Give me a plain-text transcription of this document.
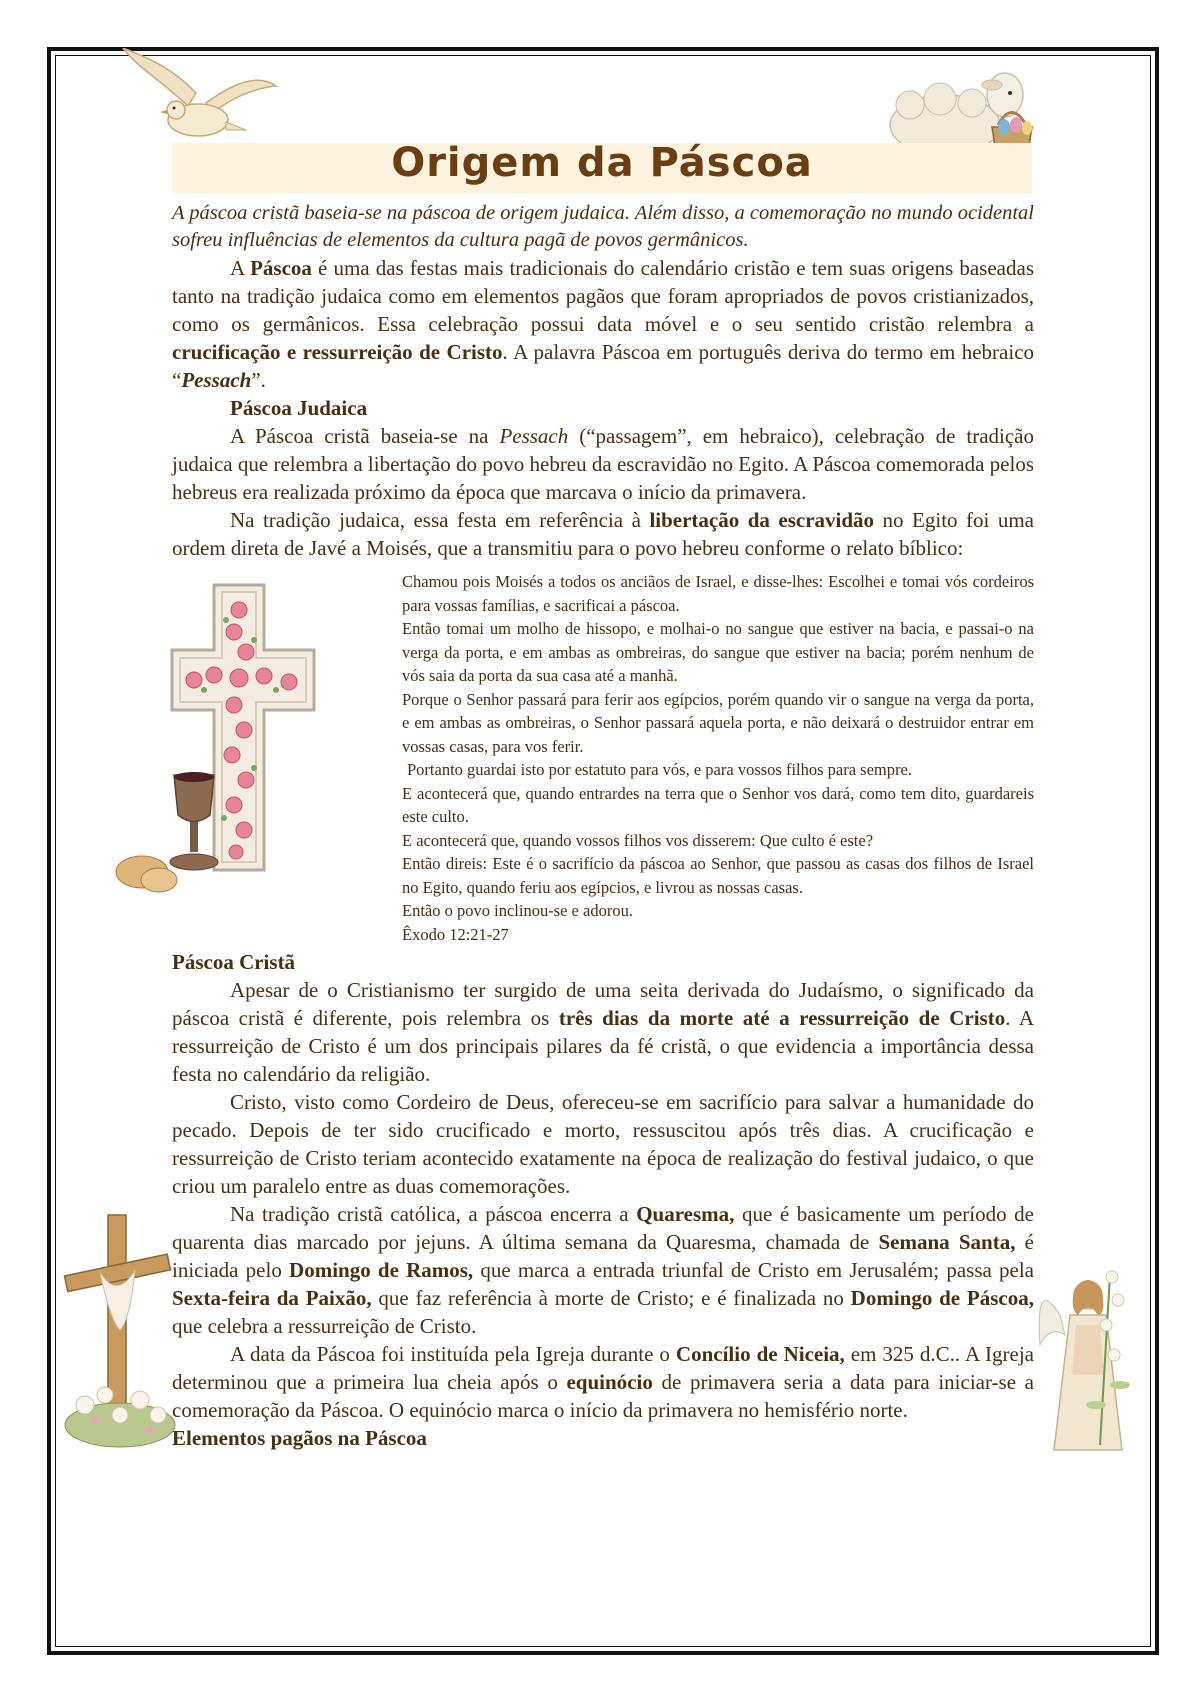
Origem da Páscoa

A páscoa cristã baseia-se na páscoa de origem judaica. Além disso, a comemoração no mundo ocidental sofreu influências de elementos da cultura pagã de povos germânicos.

A Páscoa é uma das festas mais tradicionais do calendário cristão e tem suas origens baseadas tanto na tradição judaica como em elementos pagãos que foram apropriados de povos cristianizados, como os germânicos. Essa celebração possui data móvel e o seu sentido cristão relembra a crucificação e ressurreição de Cristo. A palavra Páscoa em português deriva do termo em hebraico “Pessach”.

Páscoa Judaica

A Páscoa cristã baseia-se na Pessach (“passagem”, em hebraico), celebração de tradição judaica que relembra a libertação do povo hebreu da escravidão no Egito. A Páscoa comemorada pelos hebreus era realizada próximo da época que marcava o início da primavera.

Na tradição judaica, essa festa em referência à libertação da escravidão no Egito foi uma ordem direta de Javé a Moisés, que a transmitiu para o povo hebreu conforme o relato bíblico:

Chamou pois Moisés a todos os anciãos de Israel, e disse-lhes: Escolhei e tomai vós cordeiros para vossas famílias, e sacrificai a páscoa.

Então tomai um molho de hissopo, e molhai-o no sangue que estiver na bacia, e passai-o na verga da porta, e em ambas as ombreiras, do sangue que estiver na bacia; porém nenhum de vós saia da porta da sua casa até a manhã.

Porque o Senhor passará para ferir aos egípcios, porém quando vir o sangue na verga da porta, e em ambas as ombreiras, o Senhor passará aquela porta, e não deixará o destruidor entrar em vossas casas, para vos ferir.

Portanto guardai isto por estatuto para vós, e para vossos filhos para sempre.

E acontecerá que, quando entrardes na terra que o Senhor vos dará, como tem dito, guardareis este culto.

E acontecerá que, quando vossos filhos vos disserem: Que culto é este?

Então direis: Este é o sacrifício da páscoa ao Senhor, que passou as casas dos filhos de Israel no Egito, quando feriu aos egípcios, e livrou as nossas casas.

Então o povo inclinou-se e adorou.

Êxodo 12:21-27

Páscoa Cristã

Apesar de o Cristianismo ter surgido de uma seita derivada do Judaísmo, o significado da páscoa cristã é diferente, pois relembra os três dias da morte até a ressurreição de Cristo. A ressurreição de Cristo é um dos principais pilares da fé cristã, o que evidencia a importância dessa festa no calendário da religião.

Cristo, visto como Cordeiro de Deus, ofereceu-se em sacrifício para salvar a humanidade do pecado. Depois de ter sido crucificado e morto, ressuscitou após três dias. A crucificação e ressurreição de Cristo teriam acontecido exatamente na época de realização do festival judaico, o que criou um paralelo entre as duas comemorações.

Na tradição cristã católica, a páscoa encerra a Quaresma, que é basicamente um período de quarenta dias marcado por jejuns. A última semana da Quaresma, chamada de Semana Santa, é iniciada pelo Domingo de Ramos, que marca a entrada triunfal de Cristo em Jerusalém; passa pela Sexta-feira da Paixão, que faz referência à morte de Cristo; e é finalizada no Domingo de Páscoa, que celebra a ressurreição de Cristo.

A data da Páscoa foi instituída pela Igreja durante o Concílio de Niceia, em 325 d.C.. A Igreja determinou que a primeira lua cheia após o equinócio de primavera seria a data para iniciar-se a comemoração da Páscoa. O equinócio marca o início da primavera no hemisfério norte.

Elementos pagãos na Páscoa
